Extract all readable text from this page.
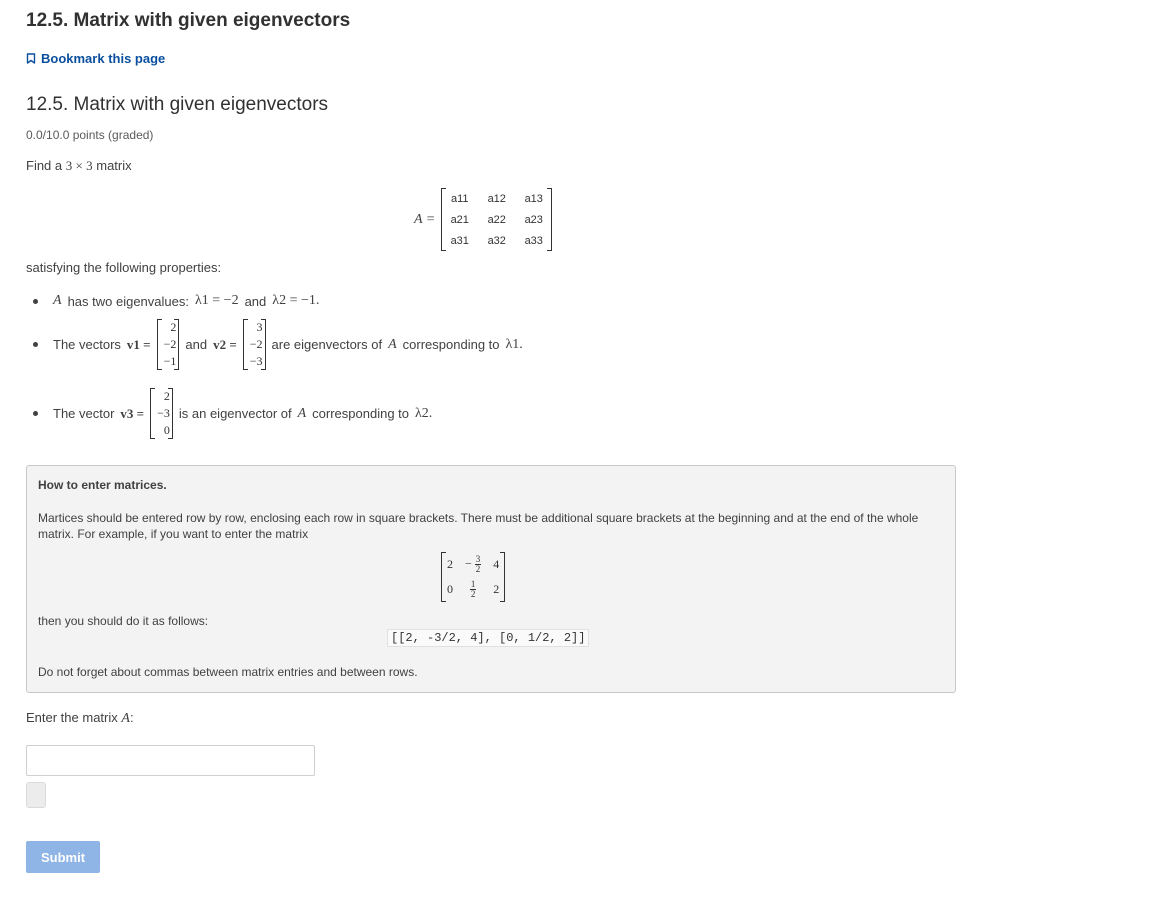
12.5. Matrix with given eigenvectors
Bookmark this page
12.5. Matrix with given eigenvectors
0.0/10.0 points (graded)
Find a 3 × 3 matrix
A =
a11	a12	a13
a21	a22	a23
a31	a32	a33
satisfying the following properties:
A has two eigenvalues: λ1 = −2 and λ2 = −1.
The vectors v1 =
2
−2
−1
and v2 =
3
−2
−3
are eigenvectors of A corresponding to λ1.
The vector v3 =
2
−3
0
is an eigenvector of A corresponding to λ2.
How to enter matrices.
Martices should be entered row by row, enclosing each row in square brackets. There must be additional square brackets at the beginning and at the end of the whole matrix. For example, if you want to enter the matrix
2	− $\frac{3}{2}$	4
0	$\frac{1}{2}$	2
then you should do it as follows:
[[2, -3/2, 4], [0, 1/2, 2]]
Do not forget about commas between matrix entries and between rows.
Enter the matrix A:
Submit
